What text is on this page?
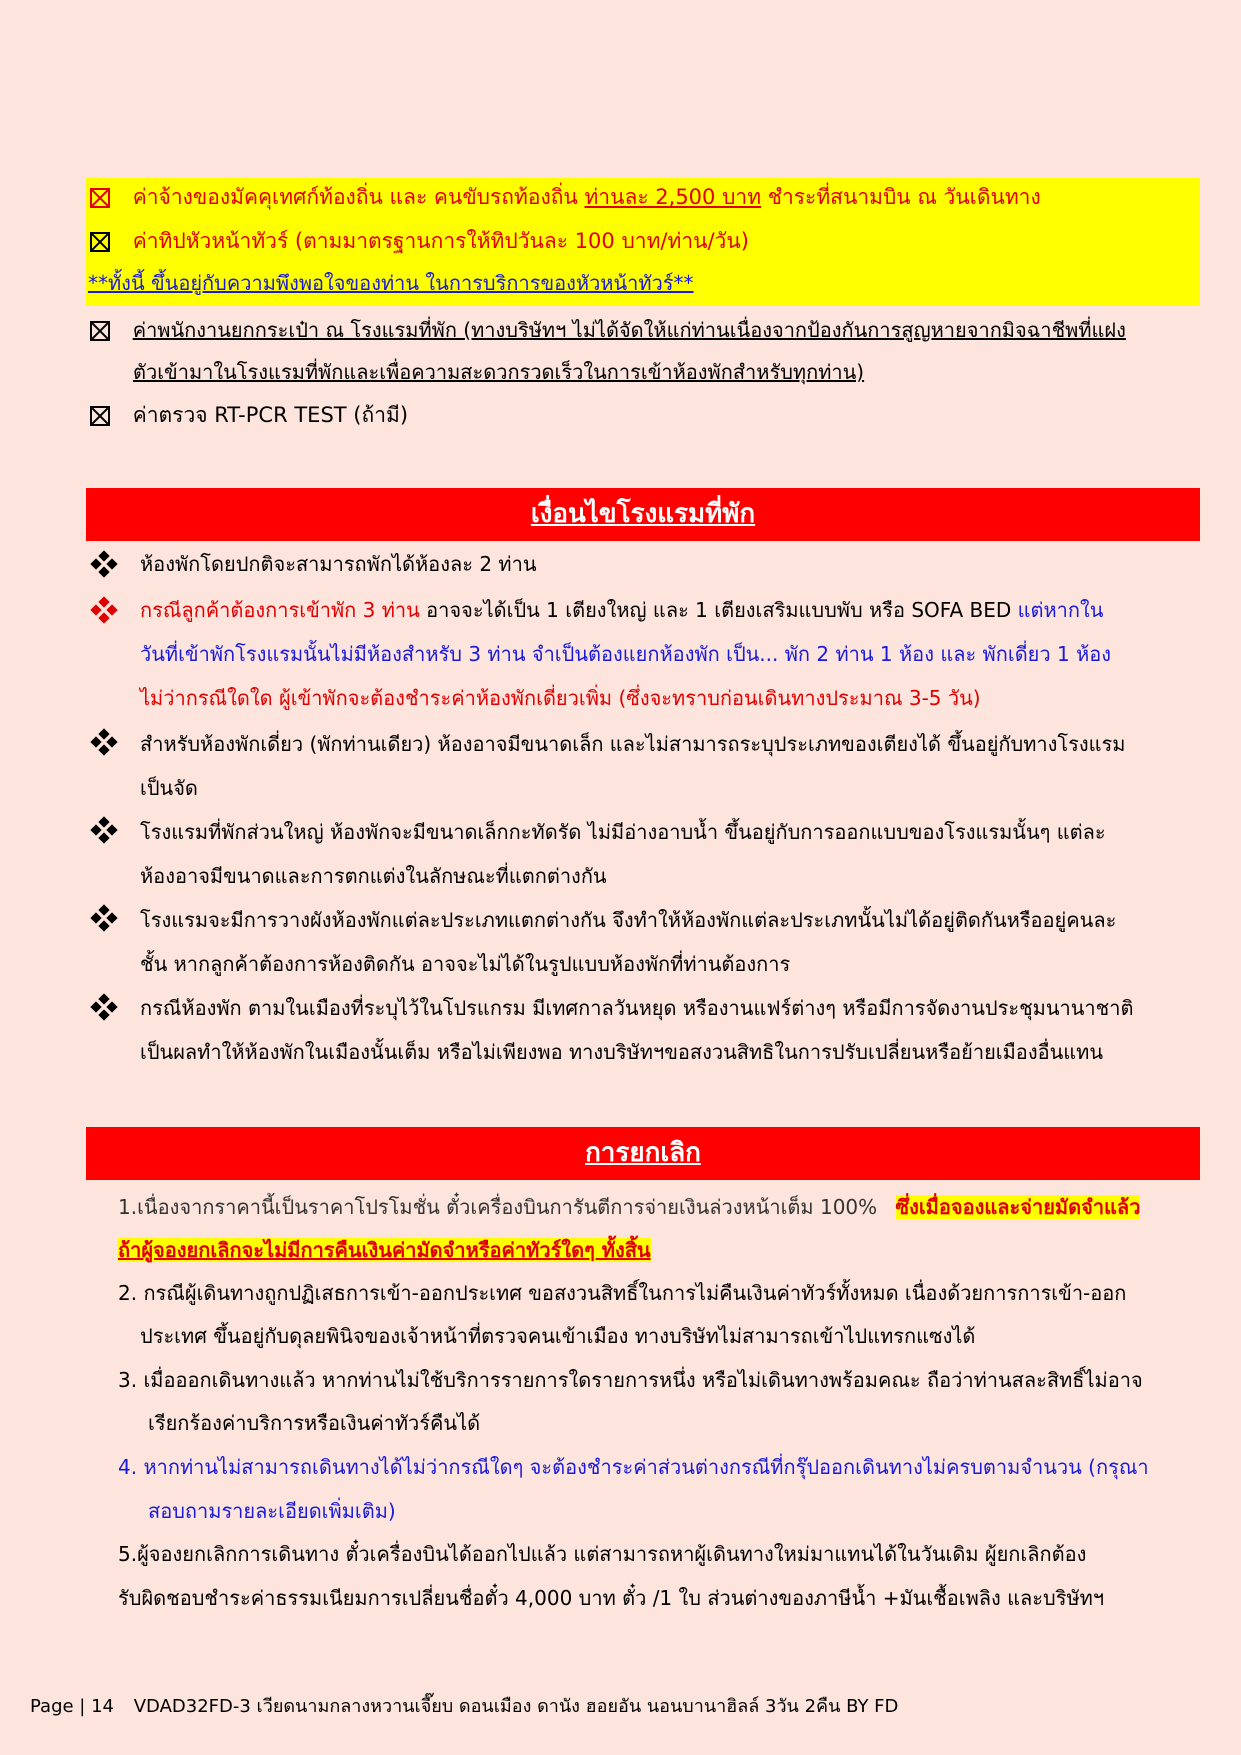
ค่าจ้างของมัคคุเทศก์ท้องถิ่น และ คนขับรถท้องถิ่น ท่านละ 2,500 บาท ชำระที่สนามบิน ณ วันเดินทาง
ค่าทิปหัวหน้าทัวร์ (ตามมาตรฐานการให้ทิปวันละ 100 บาท/ท่าน/วัน)
**ทั้งนี้ ขึ้นอยู่กับความพึงพอใจของท่าน ในการบริการของหัวหน้าทัวร์**
ค่าพนักงานยกกระเป๋า ณ โรงแรมที่พัก (ทางบริษัทฯ ไม่ได้จัดให้แก่ท่านเนื่องจากป้องกันการสูญหายจากมิจฉาชีพที่แฝง
ตัวเข้ามาในโรงแรมที่พักและเพื่อความสะดวกรวดเร็วในการเข้าห้องพักสำหรับทุกท่าน)
ค่าตรวจ RT-PCR TEST (ถ้ามี)
เงื่อนไขโรงแรมที่พัก
ห้องพักโดยปกติจะสามารถพักได้ห้องละ 2 ท่าน
กรณีลูกค้าต้องการเข้าพัก 3 ท่าน อาจจะได้เป็น 1 เตียงใหญ่ และ 1 เตียงเสริมแบบพับ หรือ SOFA BED แต่หากใน
วันที่เข้าพักโรงแรมนั้นไม่มีห้องสำหรับ 3 ท่าน จำเป็นต้องแยกห้องพัก เป็น... พัก 2 ท่าน 1 ห้อง และ พักเดี่ยว 1 ห้อง
ไม่ว่ากรณีใดใด ผู้เข้าพักจะต้องชำระค่าห้องพักเดี่ยวเพิ่ม (ซึ่งจะทราบก่อนเดินทางประมาณ 3-5 วัน)
สำหรับห้องพักเดี่ยว (พักท่านเดียว) ห้องอาจมีขนาดเล็ก และไม่สามารถระบุประเภทของเตียงได้ ขึ้นอยู่กับทางโรงแรม
เป็นจัด
โรงแรมที่พักส่วนใหญ่ ห้องพักจะมีขนาดเล็กกะทัดรัด ไม่มีอ่างอาบน้ำ ขึ้นอยู่กับการออกแบบของโรงแรมนั้นๆ แต่ละ
ห้องอาจมีขนาดและการตกแต่งในลักษณะที่แตกต่างกัน
โรงแรมจะมีการวางผังห้องพักแต่ละประเภทแตกต่างกัน จึงทำให้ห้องพักแต่ละประเภทนั้นไม่ได้อยู่ติดกันหรืออยู่คนละ
ชั้น หากลูกค้าต้องการห้องติดกัน อาจจะไม่ได้ในรูปแบบห้องพักที่ท่านต้องการ
กรณีห้องพัก ตามในเมืองที่ระบุไว้ในโปรแกรม มีเทศกาลวันหยุด หรืองานแฟร์ต่างๆ หรือมีการจัดงานประชุมนานาชาติ
เป็นผลทำให้ห้องพักในเมืองนั้นเต็ม หรือไม่เพียงพอ ทางบริษัทฯขอสงวนสิทธิในการปรับเปลี่ยนหรือย้ายเมืองอื่นแทน
การยกเลิก
1.เนื่องจากราคานี้เป็นราคาโปรโมชั่น ตั๋วเครื่องบินการันตีการจ่ายเงินล่วงหน้าเต็ม 100% ซึ่งเมื่อจองและจ่ายมัดจำแล้ว
ถ้าผู้จองยกเลิกจะไม่มีการคืนเงินค่ามัดจำหรือค่าทัวร์ใดๆ ทั้งสิ้น
2. กรณีผู้เดินทางถูกปฏิเสธการเข้า-ออกประเทศ ขอสงวนสิทธิ์ในการไม่คืนเงินค่าทัวร์ทั้งหมด เนื่องด้วยการการเข้า-ออก
ประเทศ ขึ้นอยู่กับดุลยพินิจของเจ้าหน้าที่ตรวจคนเข้าเมือง ทางบริษัทไม่สามารถเข้าไปแทรกแซงได้
3. เมื่อออกเดินทางแล้ว หากท่านไม่ใช้บริการรายการใดรายการหนึ่ง หรือไม่เดินทางพร้อมคณะ ถือว่าท่านสละสิทธิ์ไม่อาจ
เรียกร้องค่าบริการหรือเงินค่าทัวร์คืนได้
4. หากท่านไม่สามารถเดินทางได้ไม่ว่ากรณีใดๆ จะต้องชำระค่าส่วนต่างกรณีที่กรุ๊ปออกเดินทางไม่ครบตามจำนวน (กรุณา
สอบถามรายละเอียดเพิ่มเติม)
5.ผู้จองยกเลิกการเดินทาง ตั๋วเครื่องบินได้ออกไปแล้ว แต่สามารถหาผู้เดินทางใหม่มาแทนได้ในวันเดิม ผู้ยกเลิกต้อง
รับผิดชอบชำระค่าธรรมเนียมการเปลี่ยนชื่อตั๋ว 4,000 บาท ตั๋ว /1 ใบ ส่วนต่างของภาษีน้ำ +มันเชื้อเพลิง และบริษัทฯ
Page | 14 VDAD32FD-3 เวียดนามกลางหวานเจี๊ยบ ดอนเมือง ดานัง ฮอยอัน นอนบานาฮิลล์ 3วัน 2คืน BY FD
